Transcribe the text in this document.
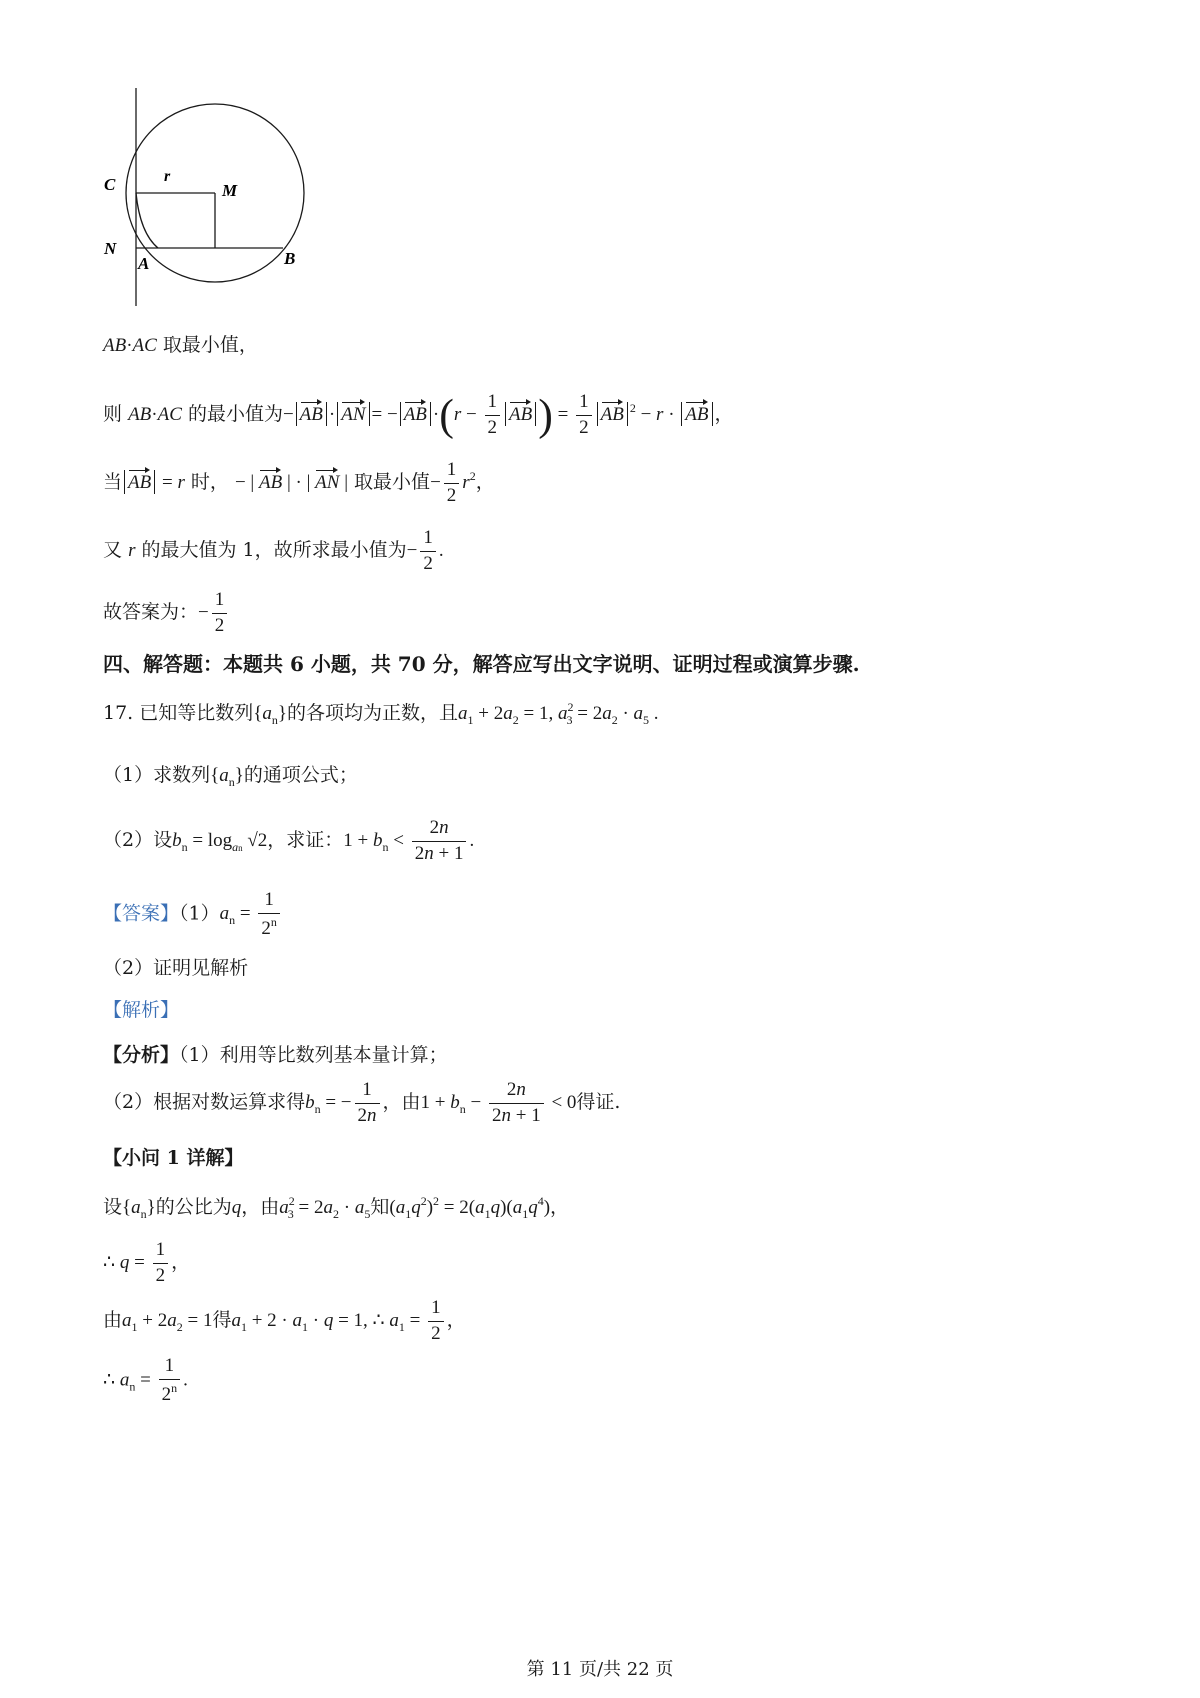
C	r
M
N
A	B
AB·AC 取最小值，
则 AB·AC 的最小值为− AB · AN = − AB $\cdot(r - \frac{1}{2}$ AB ) = $\frac{1}{2}$ AB $^2$ − r · AB ，
当 AB = r 时， − | AB | · | AN | 取最小值− $\frac{1}{2} r^2$，
又 r 的最大值为 1，故所求最小值为− $\frac{1}{2}$ .
故答案为：− $\frac{1}{2}$
四、解答题：本题共 6 小题，共 70 分，解答应写出文字说明、证明过程或演算步骤.
17. 已知等比数列$\{a_n\}$的各项均为正数，且$a_1 + 2a_2 = 1$, $a^2_3 = 2a_2 \cdot a_5$ .
（1）求数列$\{a_n\}$的通项公式；
（2）设$b_n = \log_{an} √2$，求证：$1 + b_n < \frac{2n}{2n + 1}$ .
【答案】$(1)a_n = \frac{1}{2^n}$
（2）证明见解析
【解析】
【分析】（1）利用等比数列基本量计算；
（2）根据对数运算求得$b_n$ = − $\frac{1}{2n}$ ，由$1 + b_n - \frac{2n}{2n + 1} < 0$得证.
【小问 1 详解】
设$\{a_n\}$的公比为q，由$a^2_3 = 2a_2 \cdot a_5$知$(a_1q^2)^2 = 2(a_1q)(a_1q^4)$，
∴ $q = \frac{1}{2}$ ，
由$a_1 + 2a_2 = 1$得$a_1 + 2 \cdot a_1 \cdot q = 1$, ∴ $a_1 = \frac{1}{2}$ ，
∴ $a_n = \frac{1}{2^n}$ .
第 11 页/共 22 页
